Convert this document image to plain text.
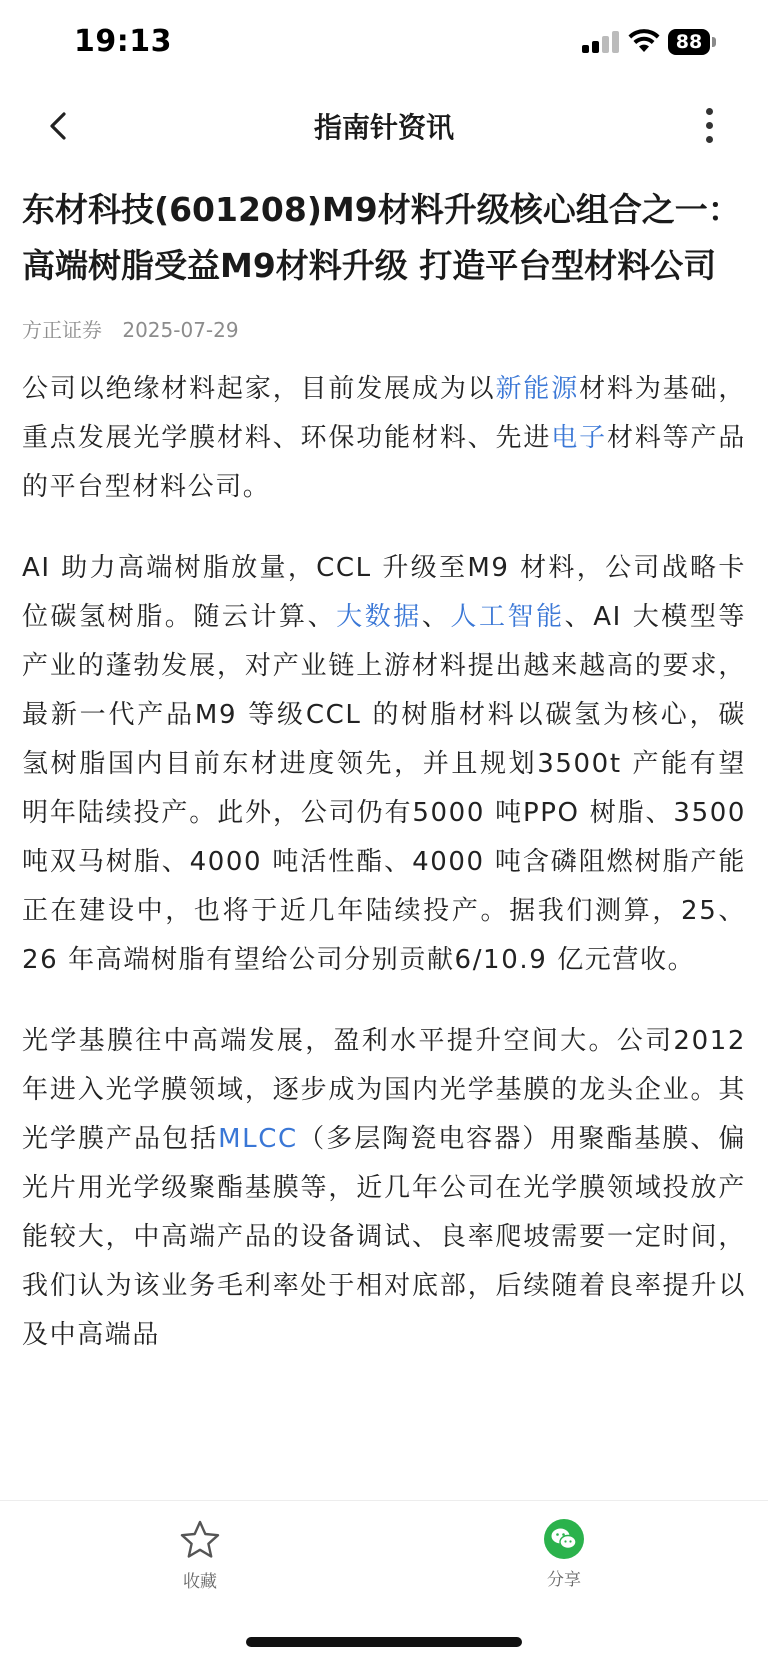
19:13	88
指南针资讯
东材科技(601208)M9材料升级核心组合之一：高端树脂受益M9材料升级 打造平台型材料公司
方正证券 2025-07-29

公司以绝缘材料起家，目前发展成为以新能源材料为基础，重点发展光学膜材料、环保功能材料、先进电子材料等产品的平台型材料公司。

AI 助力高端树脂放量，CCL 升级至M9 材料，公司战略卡位碳氢树脂。随云计算、大数据、人工智能、AI 大模型等产业的蓬勃发展，对产业链上游材料提出越来越高的要求，最新一代产品M9 等级CCL 的树脂材料以碳氢为核心，碳氢树脂国内目前东材进度领先，并且规划3500t 产能有望明年陆续投产。此外，公司仍有5000 吨PPO 树脂、3500 吨双马树脂、4000 吨活性酯、4000 吨含磷阻燃树脂产能正在建设中，也将于近几年陆续投产。据我们测算，25、26 年高端树脂有望给公司分别贡献6/10.9 亿元营收。

光学基膜往中高端发展，盈利水平提升空间大。公司2012 年进入光学膜领域，逐步成为国内光学基膜的龙头企业。其光学膜产品包括MLCC（多层陶瓷电容器）用聚酯基膜、偏光片用光学级聚酯基膜等，近几年公司在光学膜领域投放产能较大，中高端产品的设备调试、良率爬坡需要一定时间，我们认为该业务毛利率处于相对底部，后续随着良率提升以及中高端品

收藏	分享
